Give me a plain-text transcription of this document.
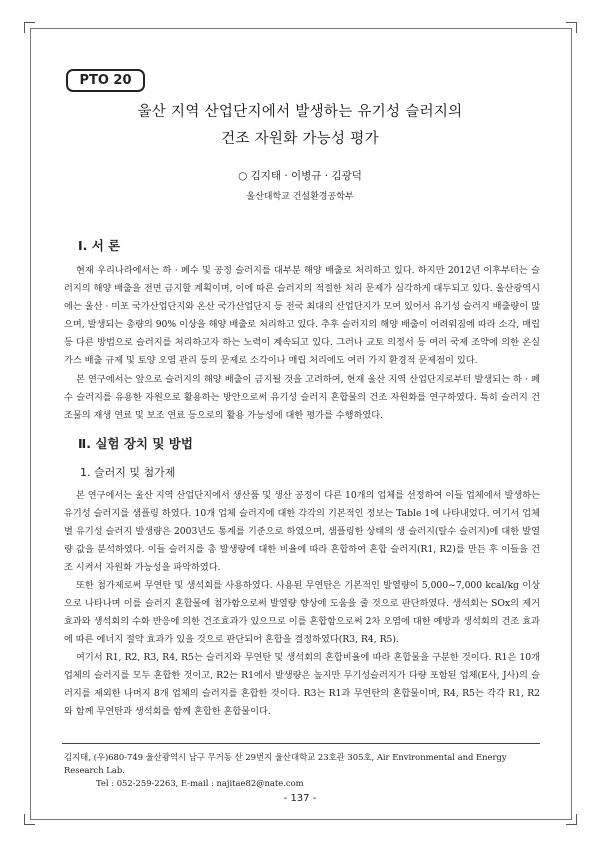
PTO 20
울산 지역 산업단지에서 발생하는 유기성 슬러지의
건조 자원화 가능성 평가
○ 김지태 · 이병규 · 김광덕
울산대학교 건설환경공학부
Ⅰ. 서 론

현재 우리나라에서는 하 · 폐수 및 공정 슬러지를 대부분 해양 배출로 처리하고 있다. 하지만 2012년 이후부터는 슬러지의 해양 배출을 전면 금지할 계획이며, 이에 따른 슬러지의 적절한 처리 문제가 심각하게 대두되고 있다. 울산광역시에는 울산 · 미포 국가산업단지와 온산 국가산업단지 등 전국 최대의 산업단지가 모여 있어서 유기성 슬러지 배출량이 많으며, 발생되는 총량의 90% 이상을 해양 배출로 처리하고 있다. 추후 슬러지의 해양 배출이 어려워짐에 따라 소각, 매립 등 다른 방법으로 슬러지를 처리하고자 하는 노력이 계속되고 있다. 그러나 교토 의정서 등 여러 국제 조약에 의한 온실가스 배출 규제 및 토양 오염 관리 등의 문제로 소각이나 매립 처리에도 여러 가지 환경적 문제점이 있다.

본 연구에서는 앞으로 슬러지의 해양 배출이 금지될 것을 고려하여, 현재 울산 지역 산업단지로부터 발생되는 하 · 폐수 슬러지를 유용한 자원으로 활용하는 방안으로써 유기성 슬러지 혼합물의 건조 자원화를 연구하였다. 특히 슬러지 건조물의 재생 연료 및 보조 연료 등으로의 활용 가능성에 대한 평가를 수행하였다.

Ⅱ. 실험 장치 및 방법
1. 슬러지 및 첨가제

본 연구에서는 울산 지역 산업단지에서 생산품 및 생산 공정이 다른 10개의 업체를 선정하여 이들 업체에서 발생하는 유기성 슬러지를 샘플링 하였다. 10개 업체 슬러지에 대한 각각의 기본적인 정보는 Table 1에 나타내었다. 여기서 업체별 유기성 슬러지 발생량은 2003년도 통계를 기준으로 하였으며, 샘플링한 상태의 생 슬러지(탈수 슬러지)에 대한 발열량 값을 분석하였다. 이들 슬러지를 총 발생량에 대한 비율에 따라 혼합하여 혼합 슬러지(R1, R2)를 만든 후 이들을 건조 시켜서 자원화 가능성을 파악하였다.

또한 첨가제로써 무연탄 및 생석회를 사용하였다. 사용된 무연탄은 기본적인 발열량이 5,000~7,000 kcal/kg 이상으로 나타나며 이를 슬러지 혼합물에 첨가함으로써 발열량 향상에 도움을 줄 것으로 판단하였다. 생석회는 SOx의 제거 효과와 생석회의 수화 반응에 의한 건조효과가 있으므로 이를 혼합함으로써 2차 오염에 대한 예방과 생석회의 건조 효과에 따른 에너지 절약 효과가 있을 것으로 판단되어 혼합을 결정하였다(R3, R4, R5).

여기서 R1, R2, R3, R4, R5는 슬러지와 무연탄 및 생석회의 혼합비율에 따라 혼합물을 구분한 것이다. R1은 10개 업체의 슬러지를 모두 혼합한 것이고, R2는 R1에서 발생량은 높지만 무기성슬러지가 다량 포함된 업체(E사, J사)의 슬러지를 제외한 나머지 8개 업체의 슬러지를 혼합한 것이다. R3는 R1과 무연탄의 혼합물이며, R4, R5는 각각 R1, R2와 함께 무연탄과 생석회를 함께 혼합한 혼합물이다.

김지태, (우)680-749 울산광역시 남구 무거동 산 29번지 울산대학교 23호관 305호, Air Environmental and Energy Research Lab.
Tel : 052-259-2263, E-mail : najitae82@nate.com
- 137 -
